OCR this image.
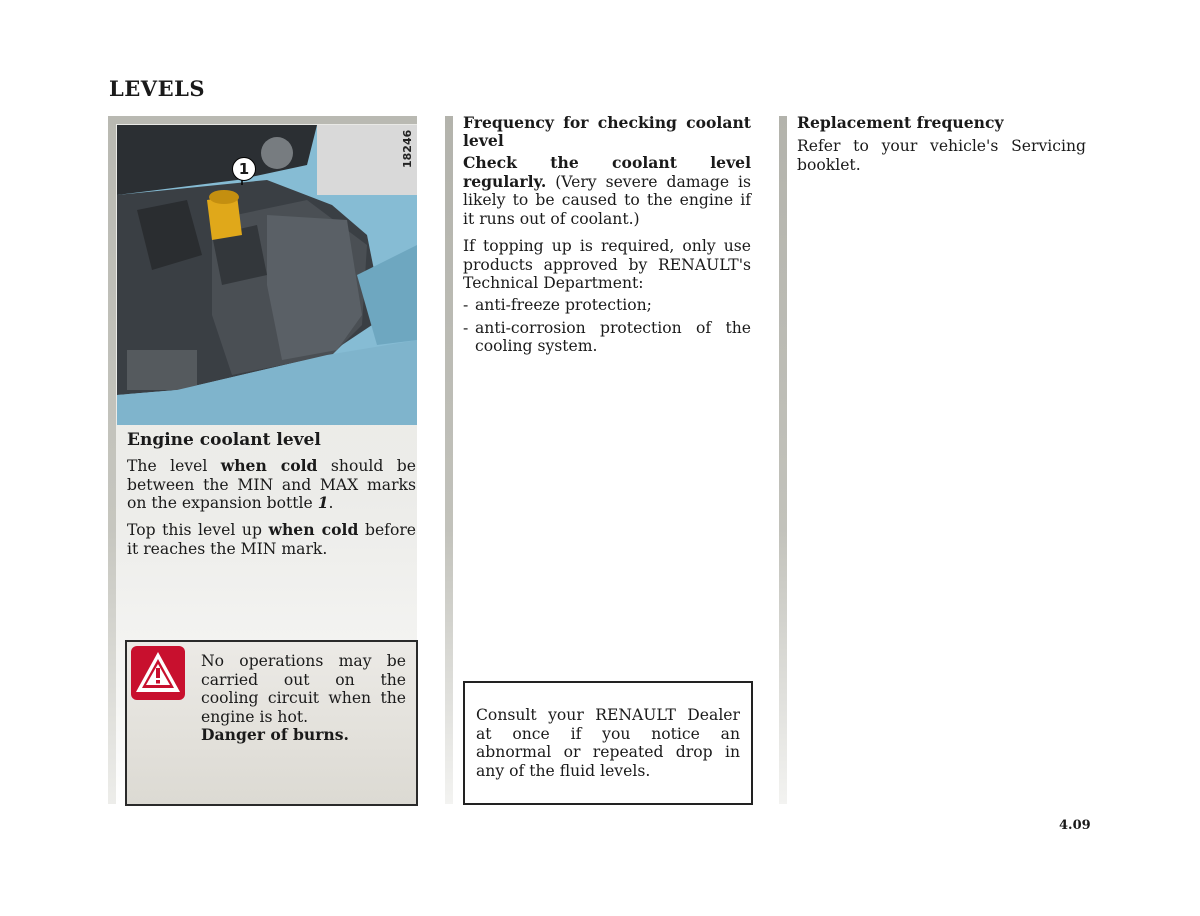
LEVELS
18246
1
Engine coolant level
The level when cold should be between the MIN and MAX marks on the expansion bottle 1.
Top this level up when cold before it reaches the MIN mark.
No operations may be carried out on the cooling circuit when the engine is hot.
Danger of burns.
Frequency for checking coolant level
Check the coolant level regularly. (Very severe damage is likely to be caused to the engine if it runs out of coolant.)
If topping up is required, only use products approved by RENAULT's Technical Department:
- anti-freeze protection;
- anti-corrosion protection of the cooling system.
Consult your RENAULT Dealer at once if you notice an abnormal or repeated drop in any of the fluid levels.
Replacement frequency
Refer to your vehicle's Servicing booklet.
4.09
